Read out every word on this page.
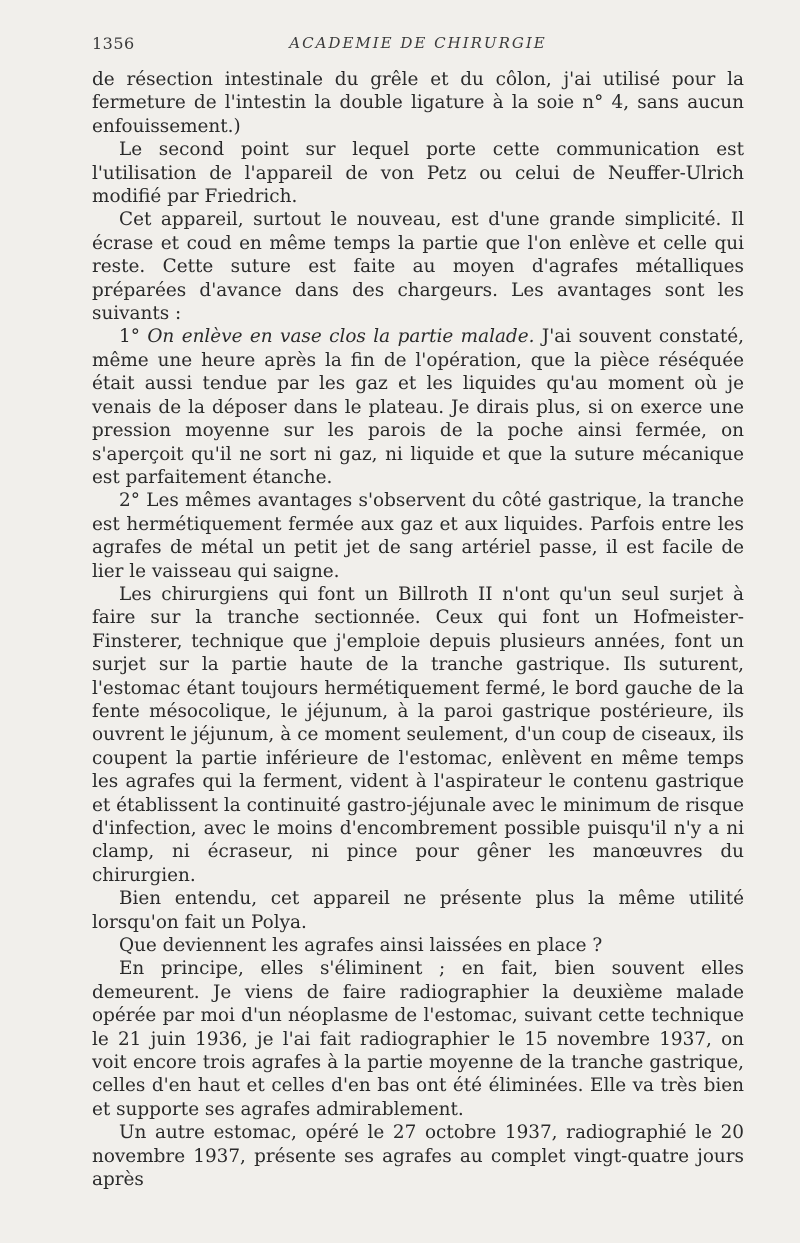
1356	ACADEMIE DE CHIRURGIE

de résection intestinale du grêle et du côlon, j'ai utilisé pour la fermeture de l'intestin la double ligature à la soie n° 4, sans aucun enfouissement.)

Le second point sur lequel porte cette communication est l'utilisation de l'appareil de von Petz ou celui de Neuffer-Ulrich modifié par Friedrich.

Cet appareil, surtout le nouveau, est d'une grande simplicité. Il écrase et coud en même temps la partie que l'on enlève et celle qui reste. Cette suture est faite au moyen d'agrafes métalliques préparées d'avance dans des chargeurs. Les avantages sont les suivants :

1° On enlève en vase clos la partie malade. J'ai souvent constaté, même une heure après la fin de l'opération, que la pièce réséquée était aussi tendue par les gaz et les liquides qu'au moment où je venais de la déposer dans le plateau. Je dirais plus, si on exerce une pression moyenne sur les parois de la poche ainsi fermée, on s'aperçoit qu'il ne sort ni gaz, ni liquide et que la suture mécanique est parfaitement étanche.

2° Les mêmes avantages s'observent du côté gastrique, la tranche est hermétiquement fermée aux gaz et aux liquides. Parfois entre les agrafes de métal un petit jet de sang artériel passe, il est facile de lier le vaisseau qui saigne.

Les chirurgiens qui font un Billroth II n'ont qu'un seul surjet à faire sur la tranche sectionnée. Ceux qui font un Hofmeister-Finsterer, technique que j'emploie depuis plusieurs années, font un surjet sur la partie haute de la tranche gastrique. Ils suturent, l'estomac étant toujours hermétiquement fermé, le bord gauche de la fente mésocolique, le jéjunum, à la paroi gastrique postérieure, ils ouvrent le jéjunum, à ce moment seulement, d'un coup de ciseaux, ils coupent la partie inférieure de l'estomac, enlèvent en même temps les agrafes qui la ferment, vident à l'aspirateur le contenu gastrique et établissent la continuité gastro-jéjunale avec le minimum de risque d'infection, avec le moins d'encombrement possible puisqu'il n'y a ni clamp, ni écraseur, ni pince pour gêner les manœuvres du chirurgien.

Bien entendu, cet appareil ne présente plus la même utilité lorsqu'on fait un Polya.

Que deviennent les agrafes ainsi laissées en place ?

En principe, elles s'éliminent ; en fait, bien souvent elles demeurent. Je viens de faire radiographier la deuxième malade opérée par moi d'un néoplasme de l'estomac, suivant cette technique le 21 juin 1936, je l'ai fait radiographier le 15 novembre 1937, on voit encore trois agrafes à la partie moyenne de la tranche gastrique, celles d'en haut et celles d'en bas ont été éliminées. Elle va très bien et supporte ses agrafes admirablement.

Un autre estomac, opéré le 27 octobre 1937, radiographié le 20 novembre 1937, présente ses agrafes au complet vingt-quatre jours après
